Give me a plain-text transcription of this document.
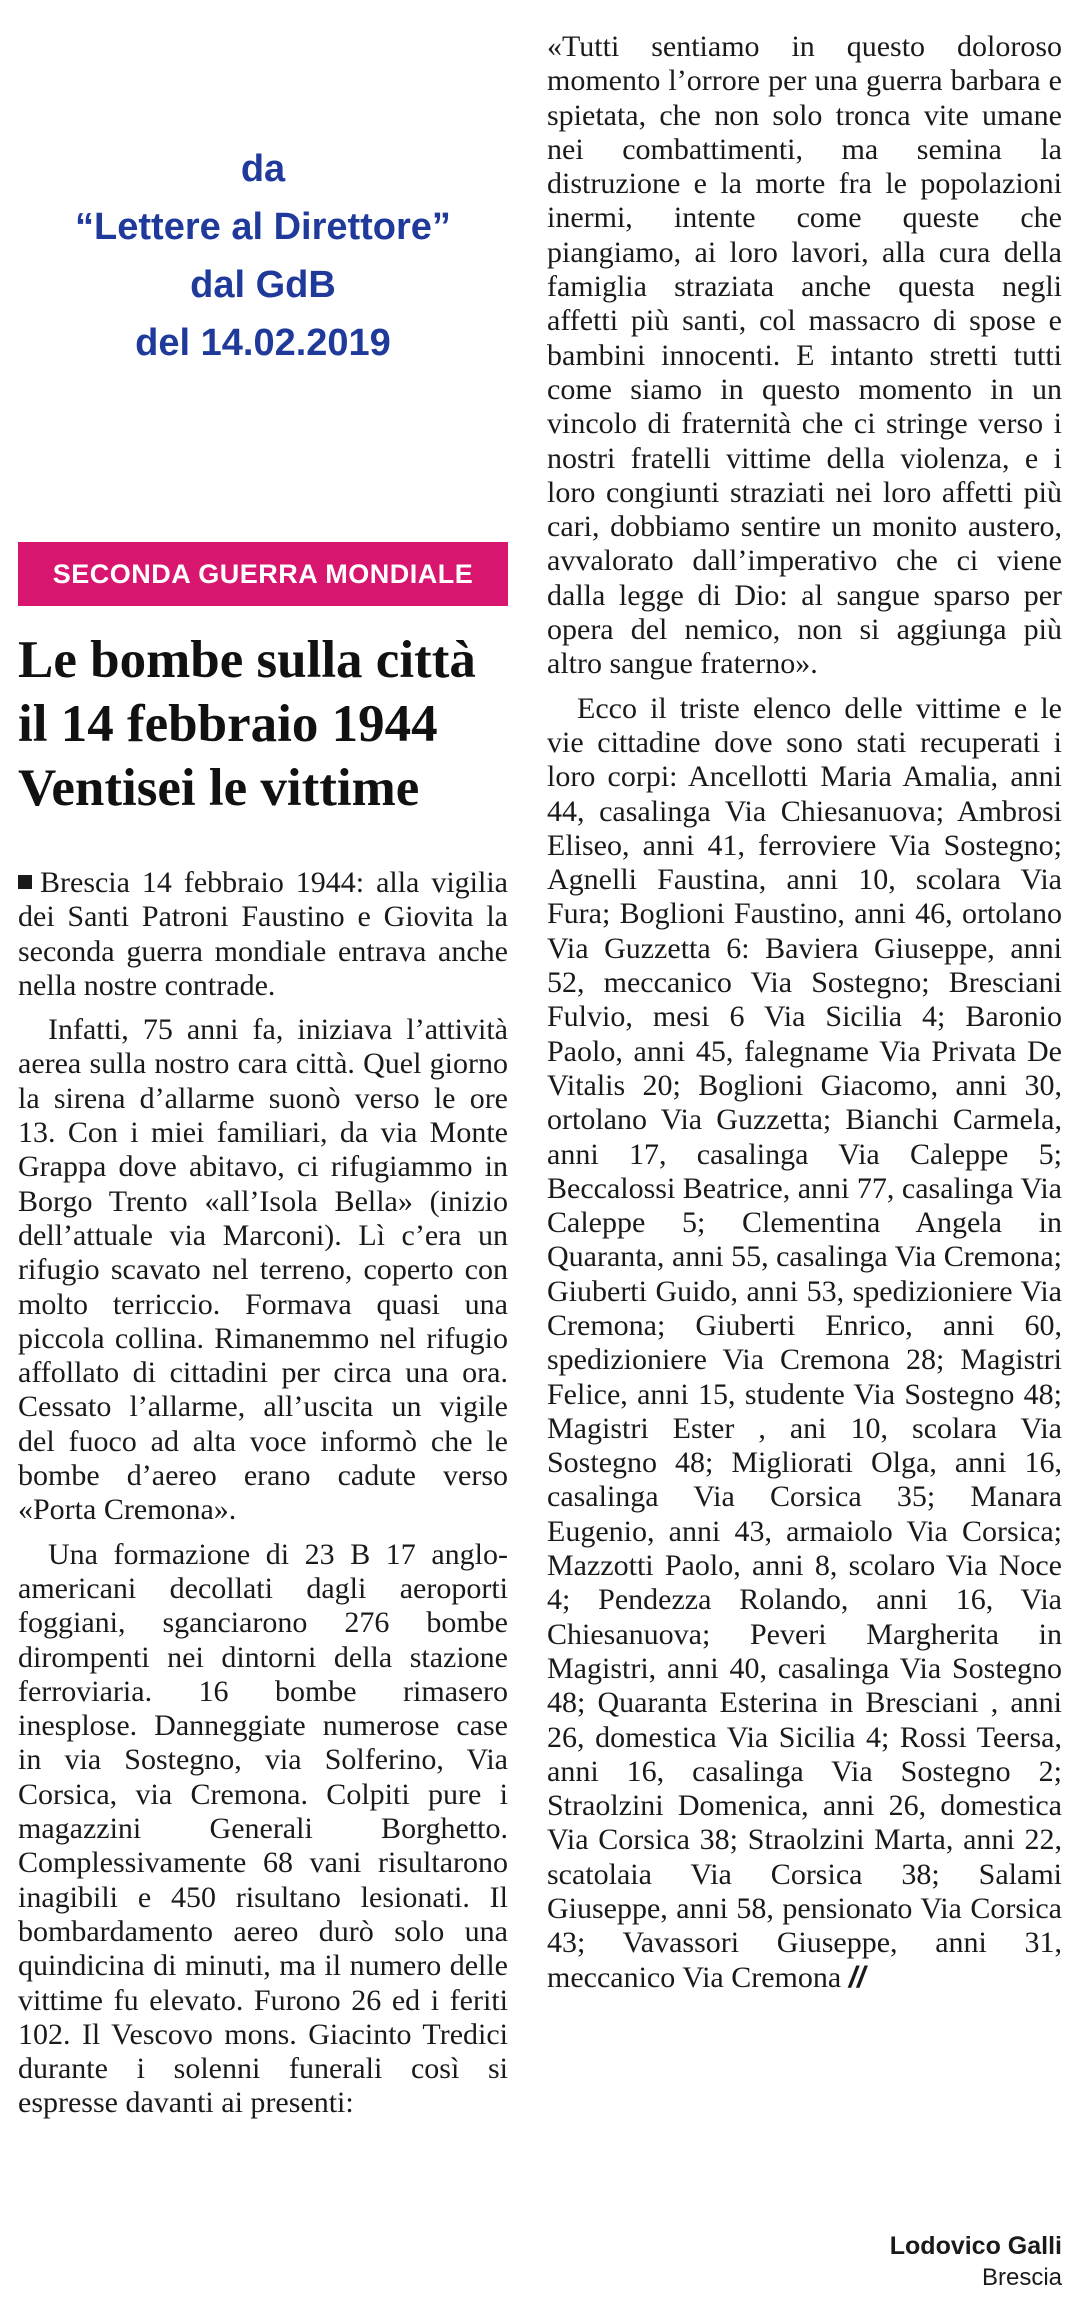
da
“Lettere al Direttore”
dal GdB
del 14.02.2019
SECONDA GUERRA MONDIALE
Le bombe sulla città
il 14 febbraio 1944
Ventisei le vittime

Brescia 14 febbraio 1944: alla vigilia dei Santi Patroni Faustino e Giovita la seconda guerra mondiale entrava anche nella nostre contrade.

Infatti, 75 anni fa, iniziava l’attività aerea sulla nostro cara città. Quel giorno la sirena d’allarme suonò verso le ore 13. Con i miei familiari, da via Monte Grappa dove abitavo, ci rifugiammo in Borgo Trento «all’Isola Bella» (inizio dell’attuale via Marconi). Lì c’era un rifugio scavato nel terreno, coperto con molto terriccio. Formava quasi una piccola collina. Rimanemmo nel rifugio affollato di cittadini per circa una ora. Cessato l’allarme, all’uscita un vigile del fuoco ad alta voce informò che le bombe d’aereo erano cadute verso «Porta Cremona».

Una formazione di 23 B 17 anglo-americani decollati dagli aeroporti foggiani, sganciarono 276 bombe dirompenti nei dintorni della stazione ferroviaria. 16 bombe rimasero inesplose. Danneggiate numerose case in via Sostegno, via Solferino, Via Corsica, via Cremona. Colpiti pure i magazzini Generali Borghetto. Complessivamente 68 vani risultarono inagibili e 450 risultano lesionati. Il bombardamento aereo durò solo una quindicina di minuti, ma il numero delle vittime fu elevato. Furono 26 ed i feriti 102. Il Vescovo mons. Giacinto Tredici durante i solenni funerali così si espresse davanti ai presenti:

«Tutti sentiamo in questo doloroso momento l’orrore per una guerra barbara e spietata, che non solo tronca vite umane nei combattimenti, ma semina la distruzione e la morte fra le popolazioni inermi, intente come queste che piangiamo, ai loro lavori, alla cura della famiglia straziata anche questa negli affetti più santi, col massacro di spose e bambini innocenti. E intanto stretti tutti come siamo in questo momento in un vincolo di fraternità che ci stringe verso i nostri fratelli vittime della violenza, e i loro congiunti straziati nei loro affetti più cari, dobbiamo sentire un monito austero, avvalorato dall’imperativo che ci viene dalla legge di Dio: al sangue sparso per opera del nemico, non si aggiunga più altro sangue fraterno».

Ecco il triste elenco delle vittime e le vie cittadine dove sono stati recuperati i loro corpi: Ancellotti Maria Amalia, anni 44, casalinga Via Chiesanuova; Ambrosi Eliseo, anni 41, ferroviere Via Sostegno; Agnelli Faustina, anni 10, scolara Via Fura; Boglioni Faustino, anni 46, ortolano Via Guzzetta 6: Baviera Giuseppe, anni 52, meccanico Via Sostegno; Bresciani Fulvio, mesi 6 Via Sicilia 4; Baronio Paolo, anni 45, falegname Via Privata De Vitalis 20; Boglioni Giacomo, anni 30, ortolano Via Guzzetta; Bianchi Carmela, anni 17, casalinga Via Caleppe 5; Beccalossi Beatrice, anni 77, casalinga Via Caleppe 5; Clementina Angela in Quaranta, anni 55, casalinga Via Cremona; Giuberti Guido, anni 53, spedizioniere Via Cremona; Giuberti Enrico, anni 60, spedizioniere Via Cremona 28; Magistri Felice, anni 15, studente Via Sostegno 48; Magistri Ester , ani 10, scolara Via Sostegno 48; Migliorati Olga, anni 16, casalinga Via Corsica 35; Manara Eugenio, anni 43, armaiolo Via Corsica; Mazzotti Paolo, anni 8, scolaro Via Noce 4; Pendezza Rolando, anni 16, Via Chiesanuova; Peveri Margherita in Magistri, anni 40, casalinga Via Sostegno 48; Quaranta Esterina in Bresciani , anni 26, domestica Via Sicilia 4; Rossi Teersa, anni 16, casalinga Via Sostegno 2; Straolzini Domenica, anni 26, domestica Via Corsica 38; Straolzini Marta, anni 22, scatolaia Via Corsica 38; Salami Giuseppe, anni 58, pensionato Via Corsica 43; Vavassori Giuseppe, anni 31, meccanico Via Cremona //

Lodovico Galli
Brescia
